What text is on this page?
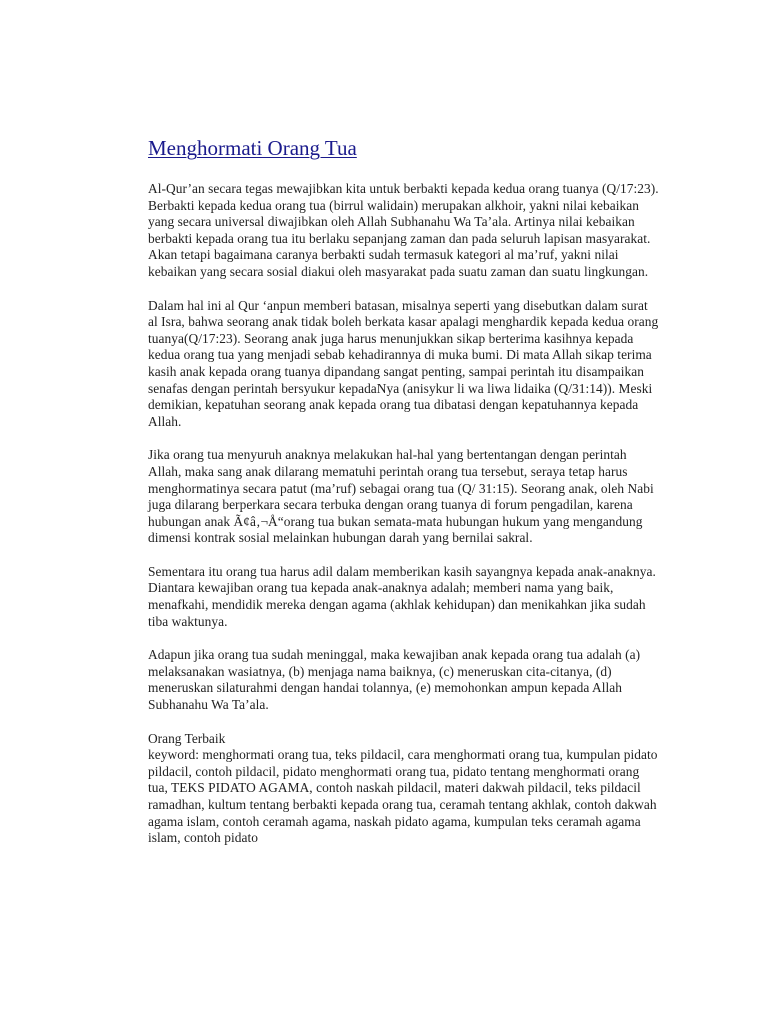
Menghormati Orang Tua

Al-Qur’an secara tegas mewajibkan kita untuk berbakti kepada kedua orang tuanya (Q/17:23). Berbakti kepada kedua orang tua (birrul walidain) merupakan alkhoir, yakni nilai kebaikan yang secara universal diwajibkan oleh Allah Subhanahu Wa Ta’ala. Artinya nilai kebaikan berbakti kepada orang tua itu berlaku sepanjang zaman dan pada seluruh lapisan masyarakat. Akan tetapi bagaimana caranya berbakti sudah termasuk kategori al ma’ruf, yakni nilai kebaikan yang secara sosial diakui oleh masyarakat pada suatu zaman dan suatu lingkungan.

Dalam hal ini al Qur ‘anpun memberi batasan, misalnya seperti yang disebutkan dalam surat al Isra, bahwa seorang anak tidak boleh berkata kasar apalagi menghardik kepada kedua orang tuanya(Q/17:23). Seorang anak juga harus menunjukkan sikap berterima kasihnya kepada kedua orang tua yang menjadi sebab kehadirannya di muka bumi. Di mata Allah sikap terima kasih anak kepada orang tuanya dipandang sangat penting, sampai perintah itu disampaikan senafas dengan perintah bersyukur kepadaNya (anisykur li wa liwa lidaika (Q/31:14)). Meski demikian, kepatuhan seorang anak kepada orang tua dibatasi dengan kepatuhannya kepada Allah.

Jika orang tua menyuruh anaknya melakukan hal-hal yang bertentangan dengan perintah Allah, maka sang anak dilarang mematuhi perintah orang tua tersebut, seraya tetap harus menghormatinya secara patut (ma’ruf) sebagai orang tua (Q/ 31:15). Seorang anak, oleh Nabi juga dilarang berperkara secara terbuka dengan orang tuanya di forum pengadilan, karena hubungan anak Ã¢â‚¬Å“orang tua bukan semata-mata hubungan hukum yang mengandung dimensi kontrak sosial melainkan hubungan darah yang bernilai sakral.

Sementara itu orang tua harus adil dalam memberikan kasih sayangnya kepada anak-anaknya. Diantara kewajiban orang tua kepada anak-anaknya adalah; memberi nama yang baik, menafkahi, mendidik mereka dengan agama (akhlak kehidupan) dan menikahkan jika sudah tiba waktunya.

Adapun jika orang tua sudah meninggal, maka kewajiban anak kepada orang tua adalah (a) melaksanakan wasiatnya, (b) menjaga nama baiknya, (c) meneruskan cita-citanya, (d) meneruskan silaturahmi dengan handai tolannya, (e) memohonkan ampun kepada Allah Subhanahu Wa Ta’ala.

Orang Terbaik

keyword: menghormati orang tua, teks pildacil, cara menghormati orang tua, kumpulan pidato pildacil, contoh pildacil, pidato menghormati orang tua, pidato tentang menghormati orang tua, TEKS PIDATO AGAMA, contoh naskah pildacil, materi dakwah pildacil, teks pildacil ramadhan, kultum tentang berbakti kepada orang tua, ceramah tentang akhlak, contoh dakwah agama islam, contoh ceramah agama, naskah pidato agama, kumpulan teks ceramah agama islam, contoh pidato
